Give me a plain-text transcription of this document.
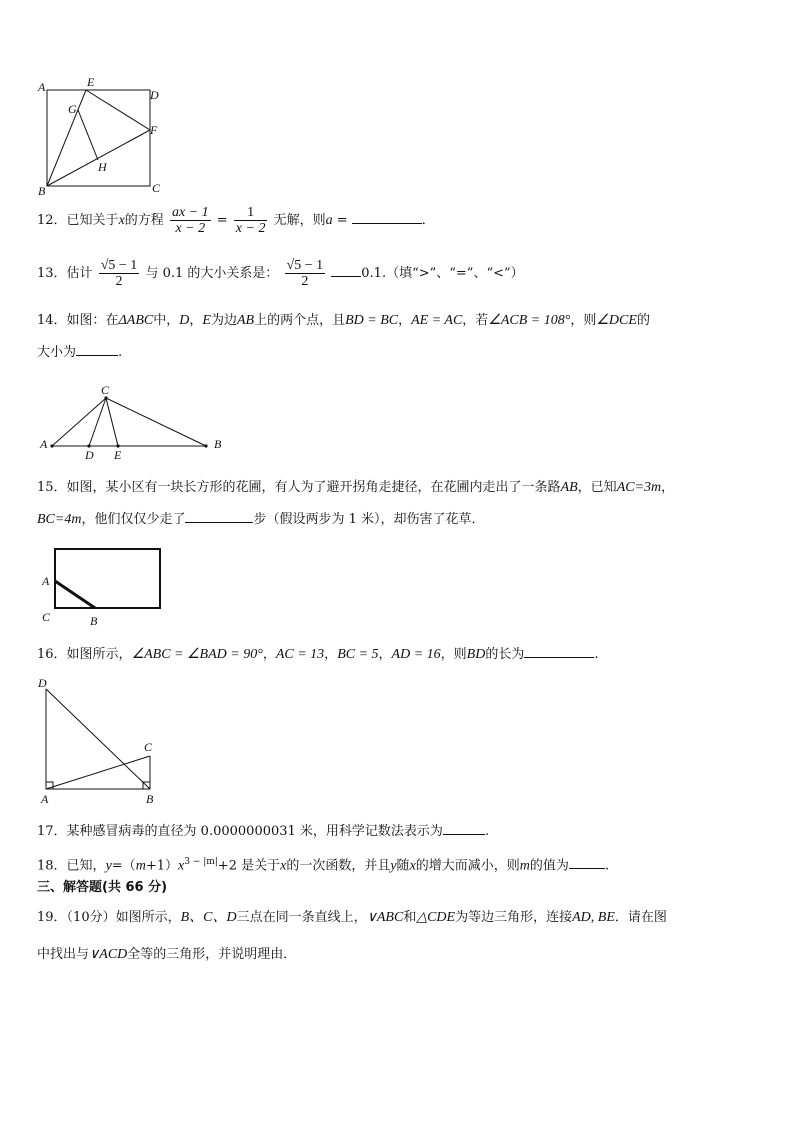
A	E
D
G
F
H
B	C
12．已知关于x的方程 $\frac{ax - 1}{x - 2} = \frac{1}{x - 2}$ 无解，则a =	．
13．估计 $\frac{√5 - 1}{2}$ 与 0.1 的大小关系是： $\frac{√5 - 1}{2}$	0.1.（填“>”、“=”、“<”）
14．如图：在ΔABC中，D，E为边AB上的两个点，且BD = BC，AE = AC，若∠ACB = 108°，则∠DCE的
大小为	.
C
A
D E
B
15．如图，某小区有一块长方形的花圃，有人为了避开拐角走捷径，在花圃内走出了一条路AB，已知AC=3m，
BC=4m，他们仅仅少走了	步（假设两步为 1 米），却伤害了花草．
A
C	B
16．如图所示，∠ABC = ∠BAD = 90°，AC = 13，BC = 5，AD = 16，则BD的长为	.
D
C
A	B
17．某种感冒病毒的直径为 0.0000000031 米，用科学记数法表示为	.
18．已知，$y=(m+1)x^{3 - |m|}+2$ 是关于x的一次函数，并且y随x的增大而减小，则m的值为	.
三、解答题(共 66 分)
19．（10分）如图所示，B、C、D三点在同一条直线上，∨ABC和△CDE为等边三角形，连接AD, BE．请在图
中找出与∨ACD全等的三角形，并说明理由．
